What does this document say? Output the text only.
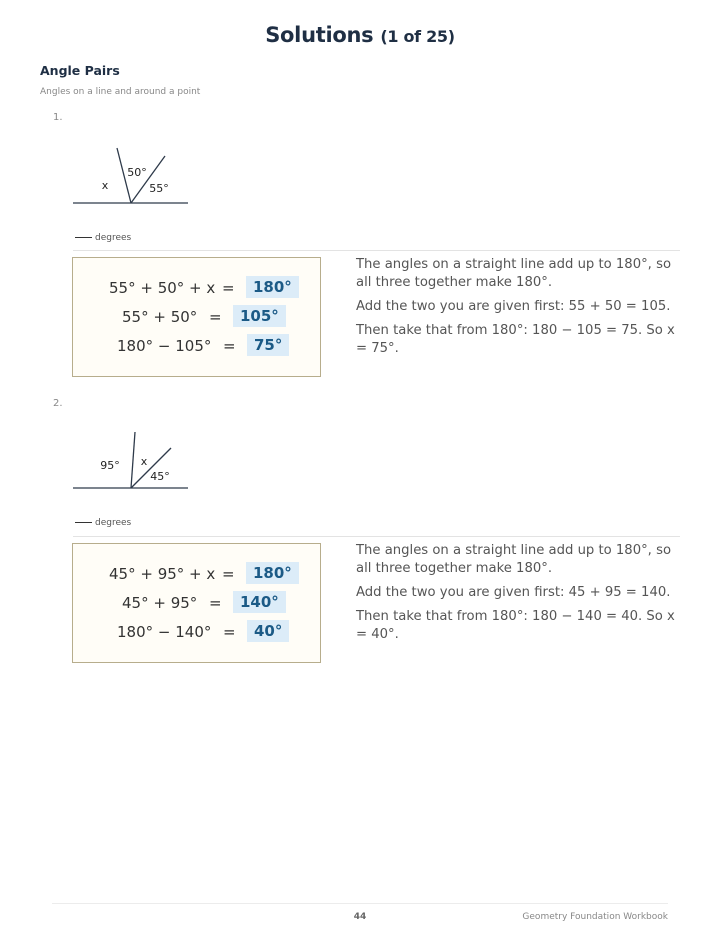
Solutions (1 of 25)
Angle Pairs
Angles on a line and around a point
1.
x
50°
55°
degrees
55° + 50° + x =	180°
55° + 50° =	105°
180° − 105° =	75°

The angles on a straight line add up to 180°, so all three together make 180°.

Add the two you are given first: 55 + 50 = 105.

Then take that from 180°: 180 − 105 = 75. So x = 75°.

2.
95° x
45°
degrees
45° + 95° + x =	180°
45° + 95° =	140°
180° − 140° =	40°

The angles on a straight line add up to 180°, so all three together make 180°.

Add the two you are given first: 45 + 95 = 140.

Then take that from 180°: 180 − 140 = 40. So x = 40°.

44	Geometry Foundation Workbook
